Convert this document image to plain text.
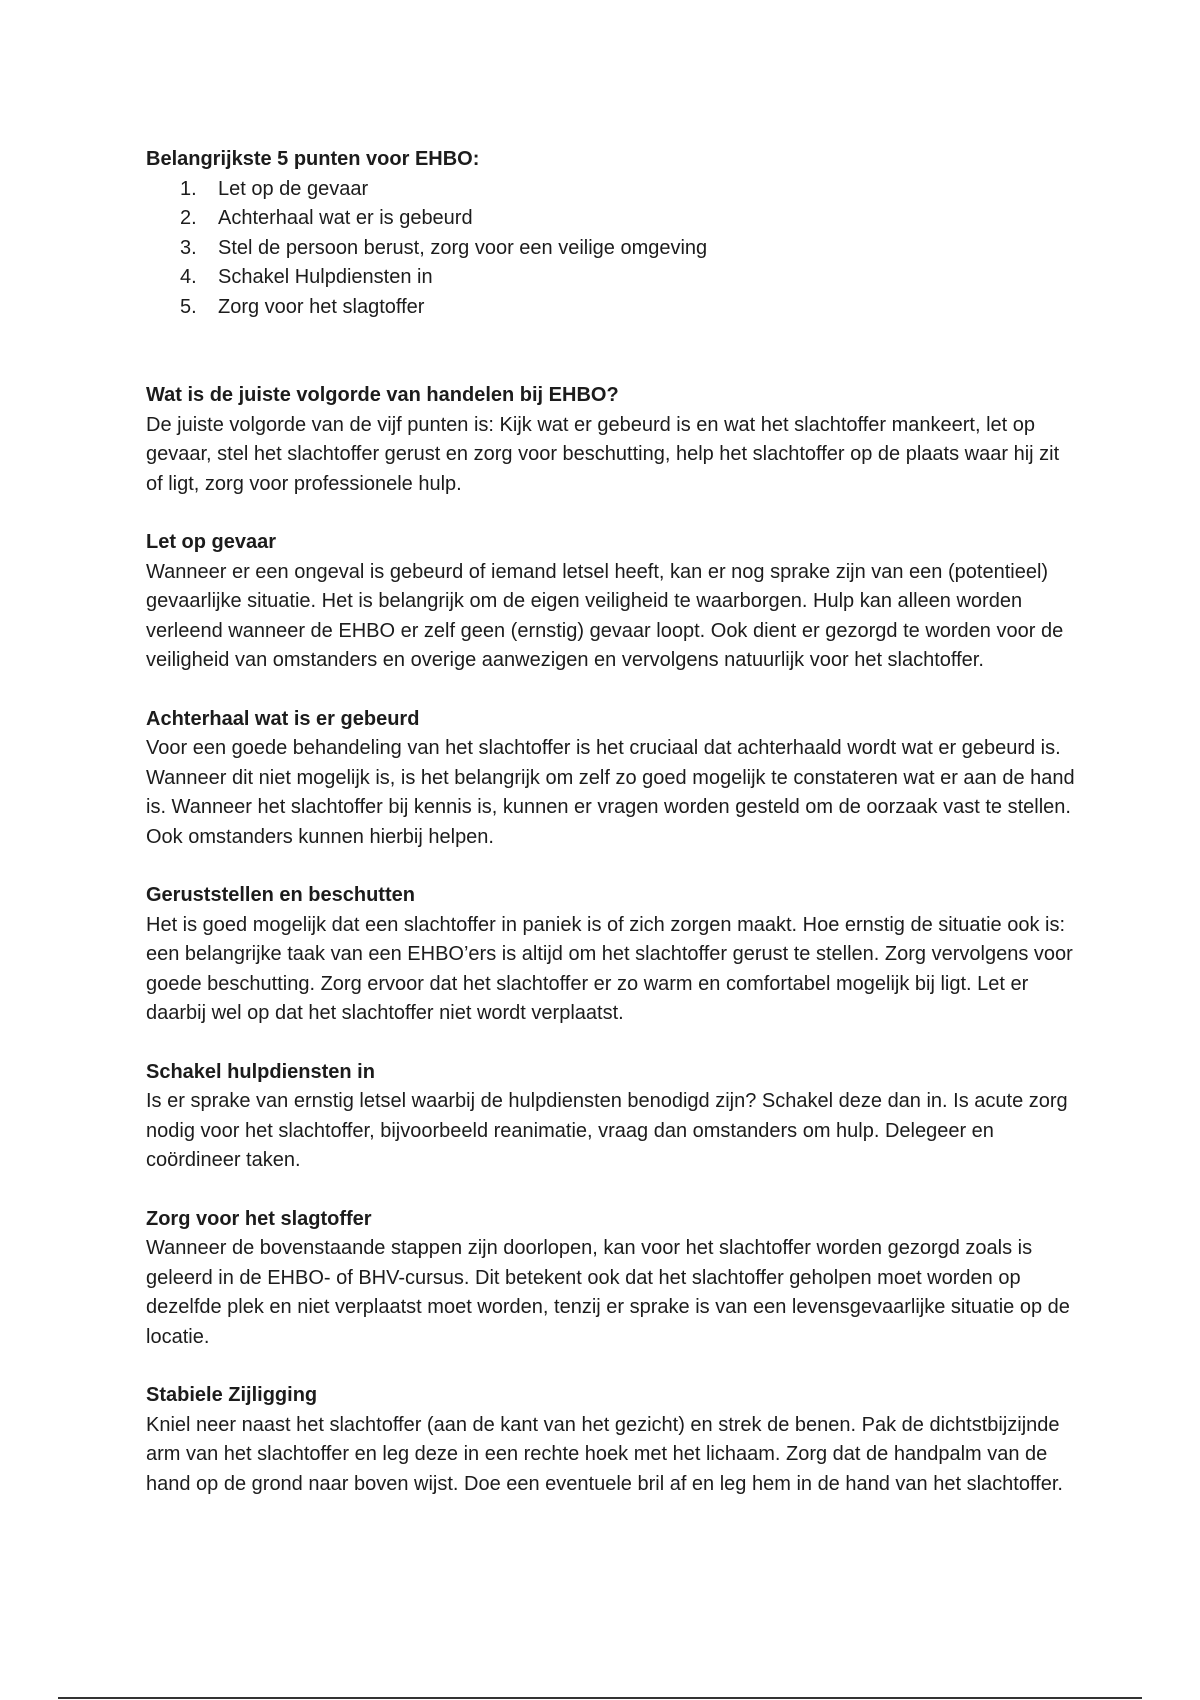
Belangrijkste 5 punten voor EHBO:

1.	Let op de gevaar
2.	Achterhaal wat er is gebeurd
3.	Stel de persoon berust, zorg voor een veilige omgeving
4.	Schakel Hulpdiensten in
5.	Zorg voor het slagtoffer

Wat is de juiste volgorde van handelen bij EHBO?

De juiste volgorde van de vijf punten is: Kijk wat er gebeurd is en wat het slachtoffer mankeert, let op gevaar, stel het slachtoffer gerust en zorg voor beschutting, help het slachtoffer op de plaats waar hij zit of ligt, zorg voor professionele hulp.

Let op gevaar

Wanneer er een ongeval is gebeurd of iemand letsel heeft, kan er nog sprake zijn van een (potentieel) gevaarlijke situatie. Het is belangrijk om de eigen veiligheid te waarborgen. Hulp kan alleen worden verleend wanneer de EHBO er zelf geen (ernstig) gevaar loopt. Ook dient er gezorgd te worden voor de veiligheid van omstanders en overige aanwezigen en vervolgens natuurlijk voor het slachtoffer.

Achterhaal wat is er gebeurd

Voor een goede behandeling van het slachtoffer is het cruciaal dat achterhaald wordt wat er gebeurd is. Wanneer dit niet mogelijk is, is het belangrijk om zelf zo goed mogelijk te constateren wat er aan de hand is. Wanneer het slachtoffer bij kennis is, kunnen er vragen worden gesteld om de oorzaak vast te stellen. Ook omstanders kunnen hierbij helpen.

Geruststellen en beschutten

Het is goed mogelijk dat een slachtoffer in paniek is of zich zorgen maakt. Hoe ernstig de situatie ook is: een belangrijke taak van een EHBO’ers is altijd om het slachtoffer gerust te stellen. Zorg vervolgens voor goede beschutting. Zorg ervoor dat het slachtoffer er zo warm en comfortabel mogelijk bij ligt. Let er daarbij wel op dat het slachtoffer niet wordt verplaatst.

Schakel hulpdiensten in

Is er sprake van ernstig letsel waarbij de hulpdiensten benodigd zijn? Schakel deze dan in. Is acute zorg nodig voor het slachtoffer, bijvoorbeeld reanimatie, vraag dan omstanders om hulp. Delegeer en coördineer taken.

Zorg voor het slagtoffer

Wanneer de bovenstaande stappen zijn doorlopen, kan voor het slachtoffer worden gezorgd zoals is geleerd in de EHBO- of BHV-cursus. Dit betekent ook dat het slachtoffer geholpen moet worden op dezelfde plek en niet verplaatst moet worden, tenzij er sprake is van een levensgevaarlijke situatie op de locatie.

Stabiele Zijligging

Kniel neer naast het slachtoffer (aan de kant van het gezicht) en strek de benen. Pak de dichtstbijzijnde arm van het slachtoffer en leg deze in een rechte hoek met het lichaam. Zorg dat de handpalm van de hand op de grond naar boven wijst. Doe een eventuele bril af en leg hem in de hand van het slachtoffer.
